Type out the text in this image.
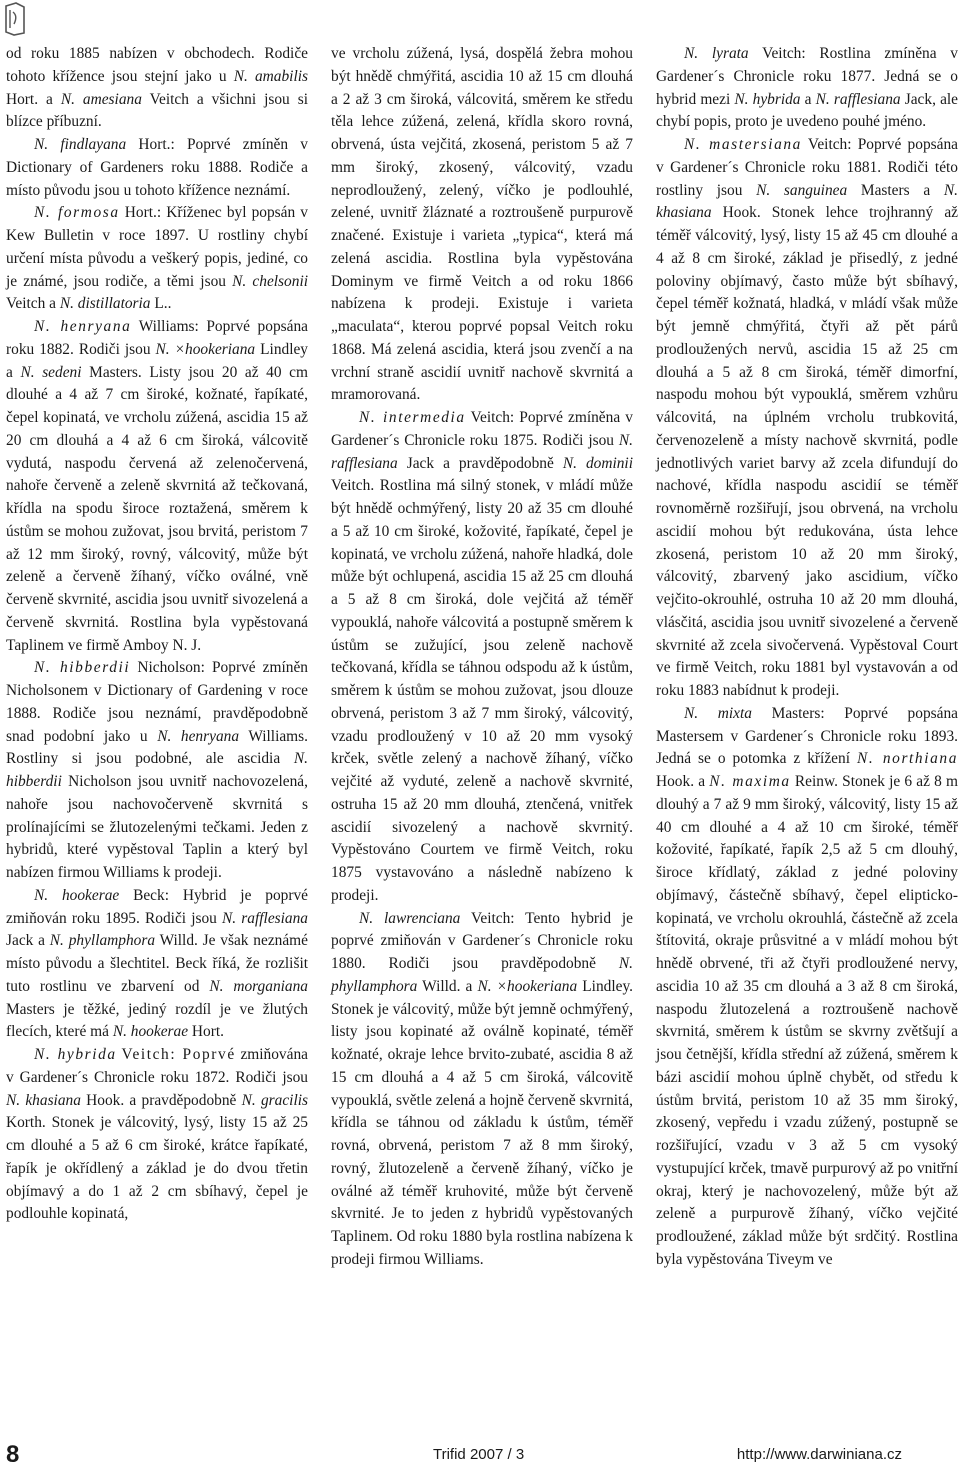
od roku 1885 nabízen v obchodech. Rodiče tohoto křížence jsou stejní jako u N. amabilis Hort. a N. amesiana Veitch a všichni jsou si blízce příbuzní.

N. findlayana Hort.: Poprvé zmíněn v Dictionary of Gardeners roku 1888. Rodiče a místo původu jsou u tohoto křížence neznámí.

N. formosa Hort.: Kříženec byl popsán v Kew Bulletin v roce 1897. U rostliny chybí určení místa původu a veškerý popis, jediné, co je známé, jsou rodiče, a těmi jsou N. chelsonii Veitch a N. distillatoria L..

N. henryana Williams: Poprvé popsána roku 1882. Rodiči jsou N. ×hookeriana Lindley a N. sedeni Masters. Listy jsou 20 až 40 cm dlouhé a 4 až 7 cm široké, kožnaté, řapíkaté, čepel kopinatá, ve vrcholu zúžená, ascidia 15 až 20 cm dlouhá a 4 až 6 cm široká, válcovitě vydutá, naspodu červená až zelenočervená, nahoře červeně a zeleně skvrnitá až tečkovaná, křídla na spodu široce roztažená, směrem k ústům se mohou zužovat, jsou brvitá, peristom 7 až 12 mm široký, rovný, válcovitý, může být zeleně a červeně žíhaný, víčko oválné, vně červeně skvrnité, ascidia jsou uvnitř sivozelená a červeně skvrnitá. Rostlina byla vypěstovaná Taplinem ve firmě Amboy N. J.

N. hibberdii Nicholson: Poprvé zmíněn Nicholsonem v Dictionary of Gardening v roce 1888. Rodiče jsou neznámí, pravděpodobně snad podobní jako u N. henryana Williams. Rostliny si jsou podobné, ale ascidia N. hibberdii Nicholson jsou uvnitř nachovozelená, nahoře jsou nachovočerveně skvrnitá s prolínajícími se žlutozelenými tečkami. Jeden z hybridů, které vypěstoval Taplin a který byl nabízen firmou Williams k prodeji.

N. hookerae Beck: Hybrid je poprvé zmiňován roku 1895. Rodiči jsou N. rafflesiana Jack a N. phyllamphora Willd. Je však neznámé místo původu a šlechtitel. Beck říká, že rozlišit tuto rostlinu ve zbarvení od N. morganiana Masters je těžké, jediný rozdíl je ve žlutých flecích, které má N. hookerae Hort.

N. hybrida Veitch: Poprvé zmiňována v Gardener´s Chronicle roku 1872. Rodiči jsou N. khasiana Hook. a pravděpodobně N. gracilis Korth. Stonek je válcovitý, lysý, listy 15 až 25 cm dlouhé a 5 až 6 cm široké, krátce řapíkaté, řapík je okřídlený a základ je do dvou třetin objímavý a do 1 až 2 cm sbíhavý, čepel je podlouhle kopinatá,

ve vrcholu zúžená, lysá, dospělá žebra mohou být hnědě chmýřitá, ascidia 10 až 15 cm dlouhá a 2 až 3 cm široká, válcovitá, směrem ke středu těla lehce zúžená, zelená, křídla skoro rovná, obrvená, ústa vejčitá, zkosená, peristom 5 až 7 mm široký, zkosený, válcovitý, vzadu neprodloužený, zelený, víčko je podlouhlé, zelené, uvnitř žláznaté a roztroušeně purpurově značené. Existuje i varieta „typica“, která má zelená ascidia. Rostlina byla vypěstována Dominym ve firmě Veitch a od roku 1866 nabízena k prodeji. Existuje i varieta „maculata“, kterou poprvé popsal Veitch roku 1868. Má zelená ascidia, která jsou zvenčí a na vrchní straně ascidií uvnitř nachově skvrnitá a mramorovaná.

N. intermedia Veitch: Poprvé zmíněna v Gardener´s Chronicle roku 1875. Rodiči jsou N. rafflesiana Jack a pravděpodobně N. dominii Veitch. Rostlina má silný stonek, v mládí může být hnědě ochmýřený, listy 20 až 35 cm dlouhé a 5 až 10 cm široké, kožovité, řapíkaté, čepel je kopinatá, ve vrcholu zúžená, nahoře hladká, dole může být ochlupená, ascidia 15 až 25 cm dlouhá a 5 až 8 cm široká, dole vejčitá až téměř vypouklá, nahoře válcovitá a postupně směrem k ústům se zužující, jsou zeleně nachově tečkovaná, křídla se táhnou odspodu až k ústům, směrem k ústům se mohou zužovat, jsou dlouze obrvená, peristom 3 až 7 mm široký, válcovitý, vzadu prodloužený v 10 až 20 mm vysoký krček, světle zelený a nachově žíhaný, víčko vejčité až vyduté, zeleně a nachově skvrnité, ostruha 15 až 20 mm dlouhá, ztenčená, vnitřek ascidií sivozelený a nachově skvrnitý. Vypěstováno Courtem ve firmě Veitch, roku 1875 vystavováno a následně nabízeno k prodeji.

N. lawrenciana Veitch: Tento hybrid je poprvé zmiňován v Gardener´s Chronicle roku 1880. Rodiči jsou pravděpodobně N. phyllamphora Willd. a N. ×hookeriana Lindley. Stonek je válcovitý, může být jemně ochmýřený, listy jsou kopinaté až oválně kopinaté, téměř kožnaté, okraje lehce brvito-zubaté, ascidia 8 až 15 cm dlouhá a 4 až 5 cm široká, válcovitě vypouklá, světle zelená a hojně červeně skvrnitá, křídla se táhnou od základu k ústům, téměř rovná, obrvená, peristom 7 až 8 mm široký, rovný, žlutozeleně a červeně žíhaný, víčko je oválné až téměř kruhovité, může být červeně skvrnité. Je to jeden z hybridů vypěstovaných Taplinem. Od roku 1880 byla rostlina nabízena k prodeji firmou Williams.

N. lyrata Veitch: Rostlina zmíněna v Gardener´s Chronicle roku 1877. Jedná se o hybrid mezi N. hybrida a N. rafflesiana Jack, ale chybí popis, proto je uvedeno pouhé jméno.

N. mastersiana Veitch: Poprvé popsána v Gardener´s Chronicle roku 1881. Rodiči této rostliny jsou N. sanguinea Masters a N. khasiana Hook. Stonek lehce trojhranný až téměř válcovitý, lysý, listy 15 až 45 cm dlouhé a 4 až 8 cm široké, základ je přisedlý, z jedné poloviny objímavý, často může být sbíhavý, čepel téměř kožnatá, hladká, v mládí však může být jemně chmýřitá, čtyři až pět párů prodloužených nervů, ascidia 15 až 25 cm dlouhá a 5 až 8 cm široká, téměř dimorfní, naspodu mohou být vypouklá, směrem vzhůru válcovitá, na úplném vrcholu trubkovitá, červenozeleně a místy nachově skvrnitá, podle jednotlivých variet barvy až zcela difundují do nachové, křídla naspodu ascidií se téměř rovnoměrně rozšiřují, jsou obrvená, na vrcholu ascidií mohou být redukována, ústa lehce zkosená, peristom 10 až 20 mm široký, válcovitý, zbarvený jako ascidium, víčko vejčito-okrouhlé, ostruha 10 až 20 mm dlouhá, vlásčitá, ascidia jsou uvnitř sivozelené a červeně skvrnité až zcela sivočervená. Vypěstoval Court ve firmě Veitch, roku 1881 byl vystavován a od roku 1883 nabídnut k prodeji.

N. mixta Masters: Poprvé popsána Mastersem v Gardener´s Chronicle roku 1893. Jedná se o potomka z křížení N. northiana Hook. a N. maxima Reinw. Stonek je 6 až 8 m dlouhý a 7 až 9 mm široký, válcovitý, listy 15 až 40 cm dlouhé a 4 až 10 cm široké, téměř kožovité, řapíkaté, řapík 2,5 až 5 cm dlouhý, široce křídlatý, základ z jedné poloviny objímavý, částečně sbíhavý, čepel elipticko-kopinatá, ve vrcholu okrouhlá, částečně až zcela štítovitá, okraje průsvitné a v mládí mohou být hnědě obrvené, tři až čtyři prodloužené nervy, ascidia 10 až 35 cm dlouhá a 3 až 8 cm široká, naspodu žlutozelená a roztroušeně nachově skvrnitá, směrem k ústům se skvrny zvětšují a jsou četnější, křídla střední až zúžená, směrem k bázi ascidií mohou úplně chybět, od středu k ústům brvitá, peristom 10 až 35 mm široký, zkosený, vepředu i vzadu zúžený, postupně se rozšiřující, vzadu v 3 až 5 cm vysoký vystupující krček, tmavě purpurový až po vnitřní okraj, který je nachovozelený, může být až zeleně a purpurově žíhaný, víčko vejčité prodloužené, základ může být srdčitý. Rostlina byla vypěstována Tiveym ve

8	Trifid 2007 / 3	http://www.darwiniana.cz
